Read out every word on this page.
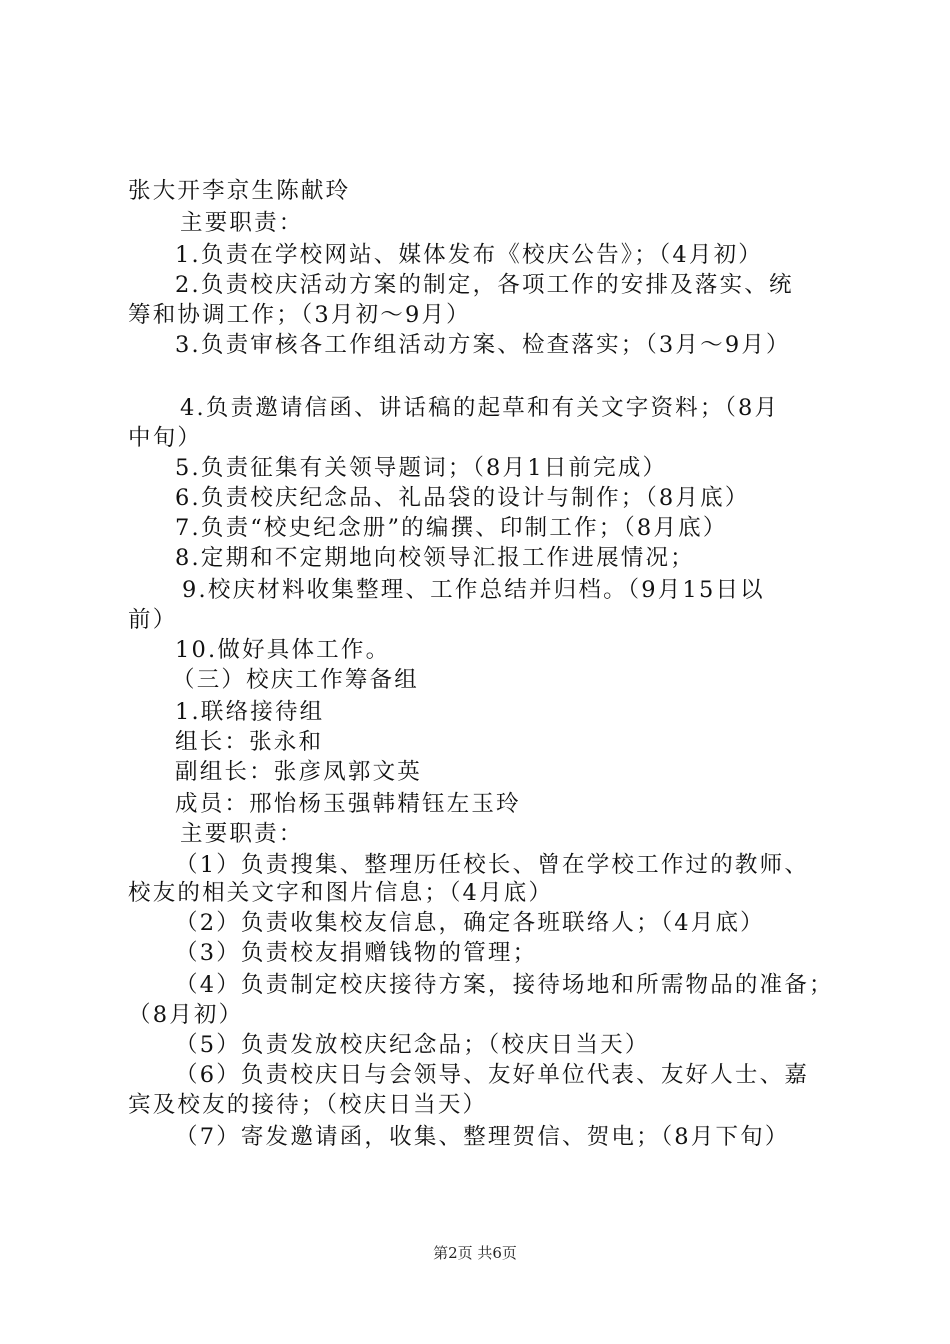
张大开李京生陈献玲
主要职责：
1.负责在学校网站、媒体发布《校庆公告》；（4月初）
2.负责校庆活动方案的制定，各项工作的安排及落实、统
筹和协调工作；（3月初～9月）
3.负责审核各工作组活动方案、检查落实；（3月～9月）
4.负责邀请信函、讲话稿的起草和有关文字资料；（8月
中旬）
5.负责征集有关领导题词；（8月1日前完成）
6.负责校庆纪念品、礼品袋的设计与制作；（8月底）
7.负责“校史纪念册”的编撰、印制工作；（8月底）
8.定期和不定期地向校领导汇报工作进展情况；
9.校庆材料收集整理、工作总结并归档。（9月15日以
前）
10.做好具体工作。
（三）校庆工作筹备组
1.联络接待组
组长：张永和
副组长：张彦凤郭文英
成员：邢怡杨玉强韩精钰左玉玲
主要职责：
（1）负责搜集、整理历任校长、曾在学校工作过的教师、
校友的相关文字和图片信息；（4月底）
（2）负责收集校友信息，确定各班联络人；（4月底）
（3）负责校友捐赠钱物的管理；
（4）负责制定校庆接待方案，接待场地和所需物品的准备；
（8月初）
（5）负责发放校庆纪念品；（校庆日当天）
（6）负责校庆日与会领导、友好单位代表、友好人士、嘉
宾及校友的接待；（校庆日当天）
（7）寄发邀请函，收集、整理贺信、贺电；（8月下旬）
第2页 共6页
